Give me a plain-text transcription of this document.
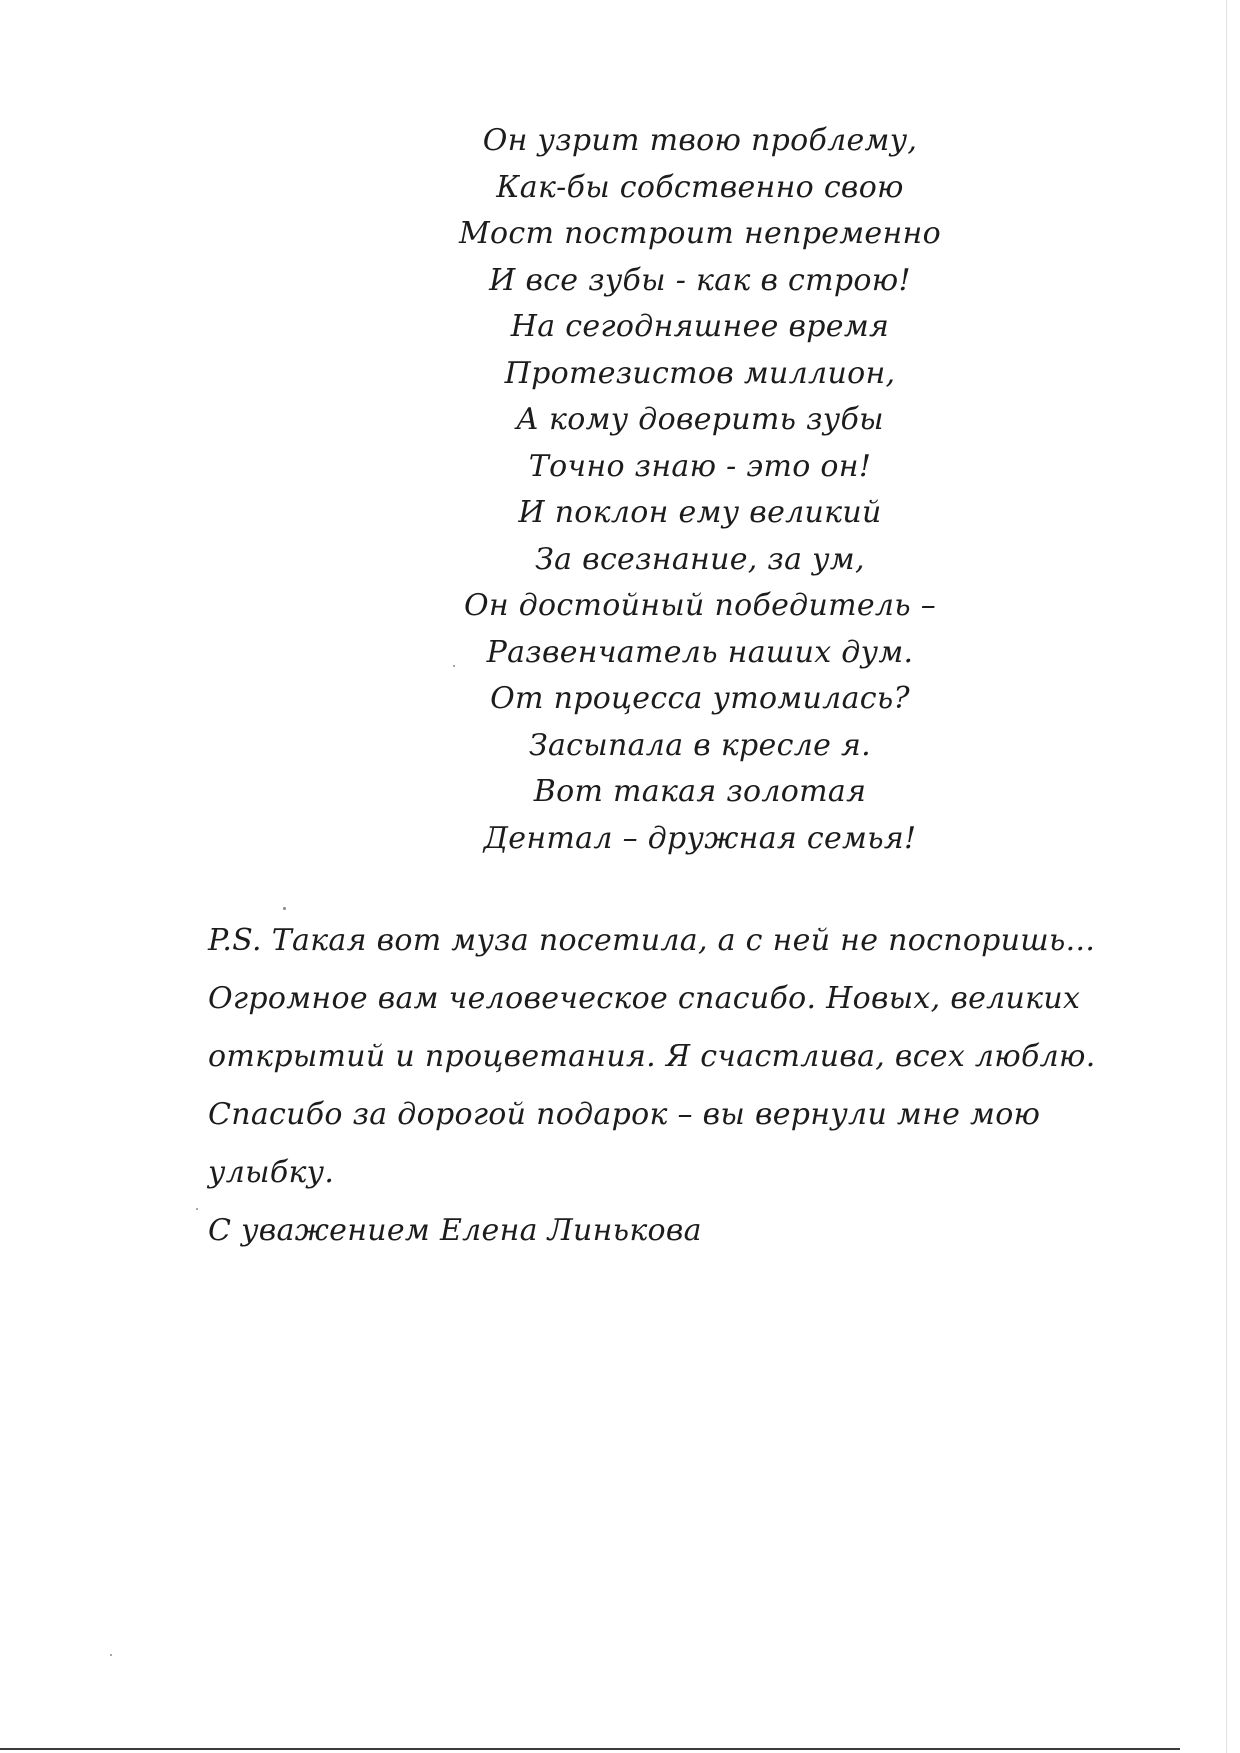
Он узрит твою проблему,
Как-бы собственно свою
Мост построит непременно
И все зубы - как в строю!
На сегодняшнее время
Протезистов миллион,
А кому доверить зубы
Точно знаю - это он!
И поклон ему великий
За всезнание, за ум,
Он достойный победитель –
Развенчатель наших дум.
От процесса утомилась?
Засыпала в кресле я.
Вот такая золотая
Дентал – дружная семья!
P.S. Такая вот муза посетила, а с ней не поспоришь...
Огромное вам человеческое спасибо. Новых, великих
открытий и процветания. Я счастлива, всех люблю.
Спасибо за дорогой подарок – вы вернули мне мою
улыбку.
С уважением Елена Линькова
